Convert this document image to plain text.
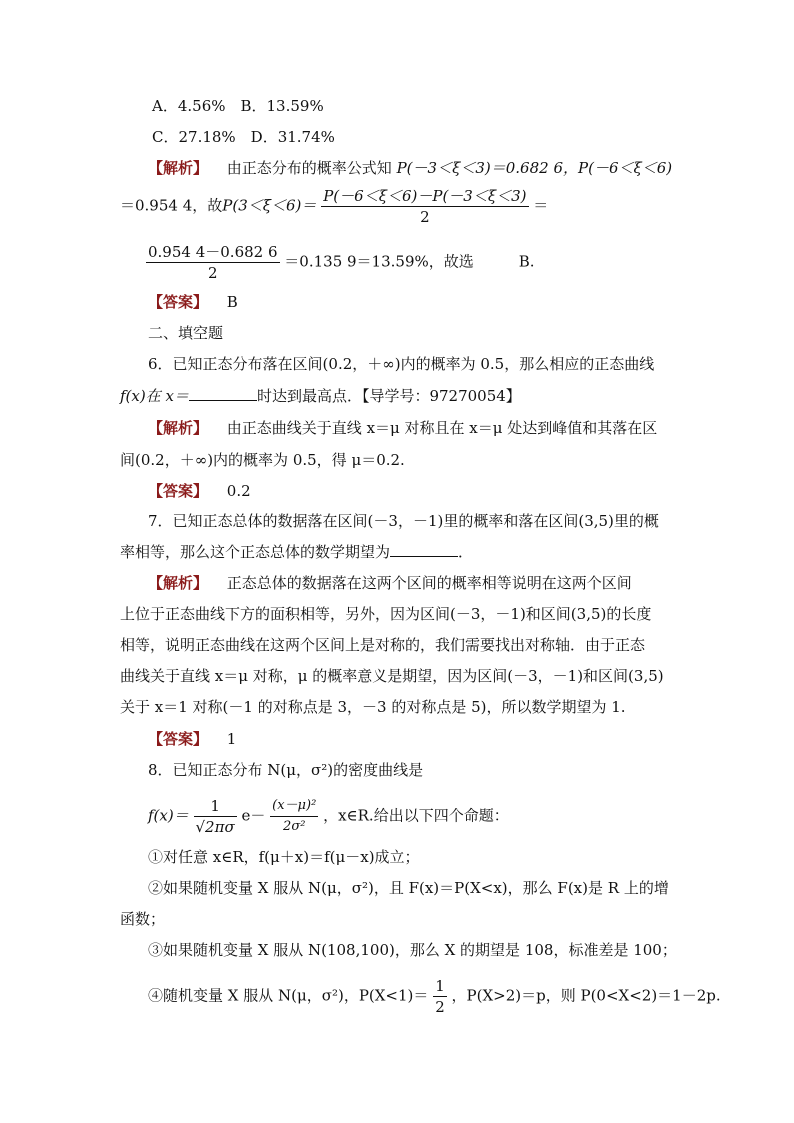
A．4.56%　B．13.59%
C．27.18%　D．31.74%
【解析】 由正态分布的概率公式知 P(－3＜ξ＜3)＝0.682 6，P(－6＜ξ＜6)
＝0.954 4，故$P(3<\xi<6)= \frac{P(-6<\xi<6)-P(-3<\xi<3)}{2}$ ＝
$\frac{0.954 4-0.682 6}{2} =0.135$ 9＝13.59%，故选　　　B.
【答案】 B
二、填空题
6．已知正态分布落在区间(0.2，＋∞)内的概率为 0.5，那么相应的正态曲线
f(x)在 x＝	时达到最高点．【导学号：97270054】
【解析】 由正态曲线关于直线 x＝μ 对称且在 x＝μ 处达到峰值和其落在区
间(0.2，＋∞)内的概率为 0.5，得 μ＝0.2.
【答案】 0.2
7．已知正态总体的数据落在区间(－3，－1)里的概率和落在区间(3,5)里的概
率相等，那么这个正态总体的数学期望为	．
【解析】 正态总体的数据落在这两个区间的概率相等说明在这两个区间
上位于正态曲线下方的面积相等，另外，因为区间(－3，－1)和区间(3,5)的长度
相等，说明正态曲线在这两个区间上是对称的，我们需要找出对称轴．由于正态
曲线关于直线 x＝μ 对称，μ 的概率意义是期望，因为区间(－3，－1)和区间(3,5)
关于 x＝1 对称(－1 的对称点是 3，－3 的对称点是 5)，所以数学期望为 1.
【答案】 1
8．已知正态分布 N(μ，σ²)的密度曲线是
$f(x)= \frac{1}{√2\pi\sigma} e- \frac{\text{(x－μ)²}}{\text{2σ²}}$ ，x∈R.给出以下四个命题：
①对任意 x∈R，f(μ＋x)＝f(μ－x)成立；
②如果随机变量 X 服从 N(μ，σ²)，且 F(x)＝P(X<x)，那么 F(x)是 R 上的增
函数；
③如果随机变量 X 服从 N(108,100)，那么 X 的期望是 108，标准差是 100；
④随机变量 X 服从 N(μ，σ²)，$P(X<1)= \frac{1}{2}$ ，P(X>2)＝p，则 P(0<X<2)＝1－2p.
